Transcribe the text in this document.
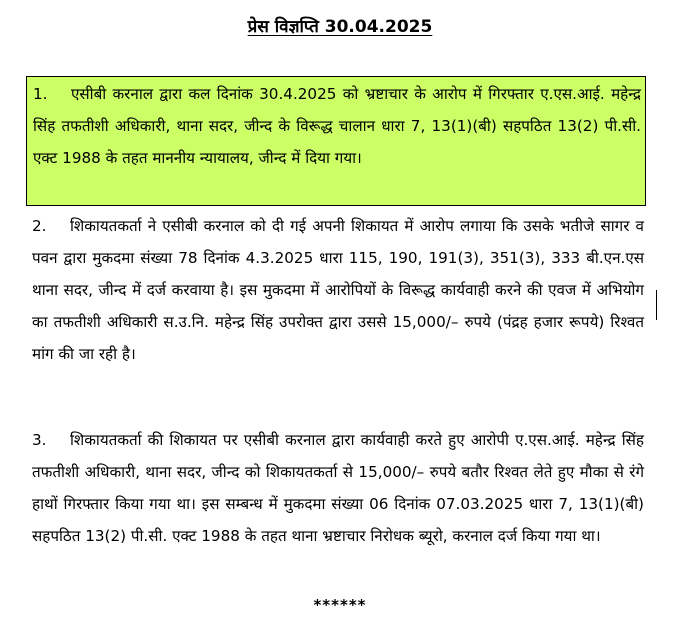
प्रेस विज्ञप्ति 30.04.2025
1. एसीबी करनाल द्वारा कल दिनांक 30.4.2025 को भ्रष्टाचार के आरोप में गिरफ्तार ए.एस.आई. महेन्द्र सिंह तफतीशी अधिकारी, थाना सदर, जीन्द के विरूद्ध चालान धारा 7, 13(1)(बी) सहपठित 13(2) पी.सी. एक्ट 1988 के तहत माननीय न्यायालय, जीन्द में दिया गया।
2. शिकायतकर्ता ने एसीबी करनाल को दी गई अपनी शिकायत में आरोप लगाया कि उसके भतीजे सागर व पवन द्वारा मुकदमा संख्या 78 दिनांक 4.3.2025 धारा 115, 190, 191(3), 351(3), 333 बी.एन.एस थाना सदर, जीन्द में दर्ज करवाया है। इस मुकदमा में आरोपियों के विरूद्ध कार्यवाही करने की एवज में अभियोग का तफतीशी अधिकारी स.उ.नि. महेन्द्र सिंह उपरोक्त द्वारा उससे 15,000/– रुपये (पंद्रह हजार रूपये) रिश्वत मांग की जा रही है।
3. शिकायतकर्ता की शिकायत पर एसीबी करनाल द्वारा कार्यवाही करते हुए आरोपी ए.एस.आई. महेन्द्र सिंह तफतीशी अधिकारी, थाना सदर, जीन्द को शिकायतकर्ता से 15,000/– रुपये बतौर रिश्वत लेते हुए मौका से रंगे हाथों गिरफ्तार किया गया था। इस सम्बन्ध में मुकदमा संख्या 06 दिनांक 07.03.2025 धारा 7, 13(1)(बी) सहपठित 13(2) पी.सी. एक्ट 1988 के तहत थाना भ्रष्टाचार निरोधक ब्यूरो, करनाल दर्ज किया गया था।
******
